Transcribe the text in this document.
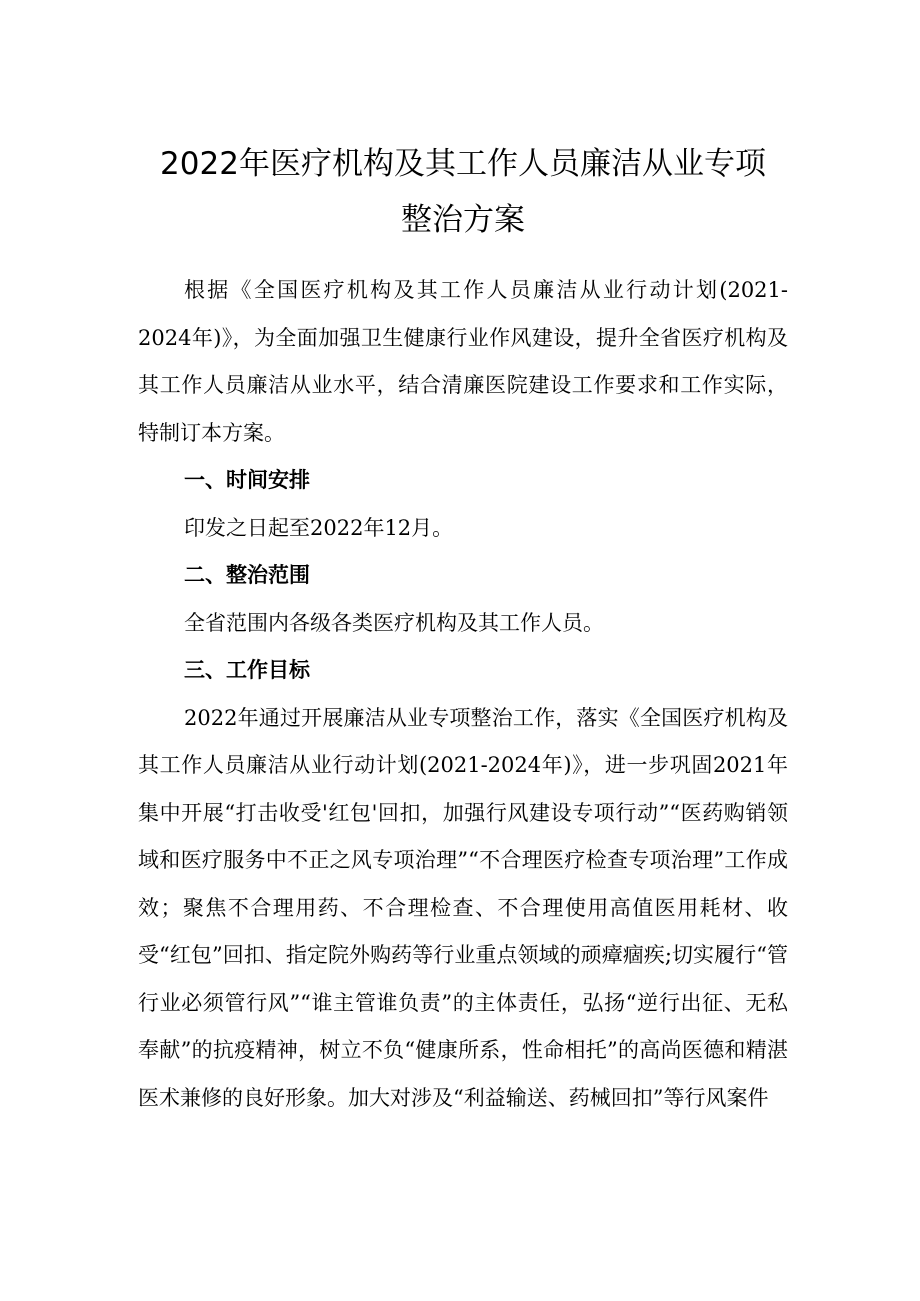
2022年医疗机构及其工作人员廉洁从业专项
整治方案

根据《全国医疗机构及其工作人员廉洁从业行动计划(2021-2024年)》，为全面加强卫生健康行业作风建设，提升全省医疗机构及其工作人员廉洁从业水平，结合清廉医院建设工作要求和工作实际，特制订本方案。

一、时间安排

印发之日起至2022年12月。

二、整治范围

全省范围内各级各类医疗机构及其工作人员。

三、工作目标

2022年通过开展廉洁从业专项整治工作，落实《全国医疗机构及其工作人员廉洁从业行动计划(2021-2024年)》，进一步巩固2021年集中开展“打击收受'红包'回扣，加强行风建设专项行动”“医药购销领域和医疗服务中不正之风专项治理”“不合理医疗检查专项治理”工作成效；聚焦不合理用药、不合理检查、不合理使用高值医用耗材、收受“红包”回扣、指定院外购药等行业重点领域的顽瘴痼疾;切实履行“管行业必须管行风”“谁主管谁负责”的主体责任，弘扬“逆行出征、无私奉献”的抗疫精神，树立不负“健康所系，性命相托”的高尚医德和精湛医术兼修的良好形象。加大对涉及“利益输送、药械回扣”等行风案件
